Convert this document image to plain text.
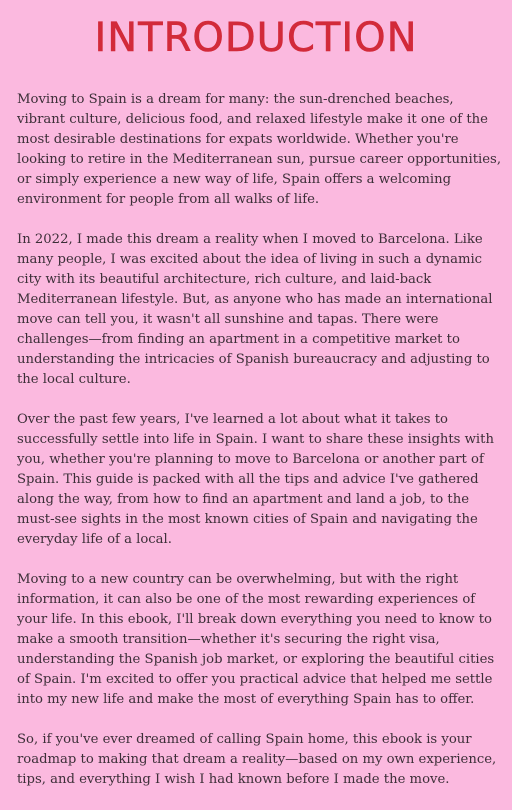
INTRODUCTION

Moving to Spain is a dream for many: the sun-drenched beaches, vibrant culture, delicious food, and relaxed lifestyle make it one of the most desirable destinations for expats worldwide. Whether you're looking to retire in the Mediterranean sun, pursue career opportunities, or simply experience a new way of life, Spain offers a welcoming environment for people from all walks of life.

In 2022, I made this dream a reality when I moved to Barcelona. Like many people, I was excited about the idea of living in such a dynamic city with its beautiful architecture, rich culture, and laid-back Mediterranean lifestyle. But, as anyone who has made an international move can tell you, it wasn't all sunshine and tapas. There were challenges—from finding an apartment in a competitive market to understanding the intricacies of Spanish bureaucracy and adjusting to the local culture.

Over the past few years, I've learned a lot about what it takes to successfully settle into life in Spain. I want to share these insights with you, whether you're planning to move to Barcelona or another part of Spain. This guide is packed with all the tips and advice I've gathered along the way, from how to find an apartment and land a job, to the must-see sights in the most known cities of Spain and navigating the everyday life of a local.

Moving to a new country can be overwhelming, but with the right information, it can also be one of the most rewarding experiences of your life. In this ebook, I'll break down everything you need to know to make a smooth transition—whether it's securing the right visa, understanding the Spanish job market, or exploring the beautiful cities of Spain. I'm excited to offer you practical advice that helped me settle into my new life and make the most of everything Spain has to offer.

So, if you've ever dreamed of calling Spain home, this ebook is your roadmap to making that dream a reality—based on my own experience, tips, and everything I wish I had known before I made the move.
